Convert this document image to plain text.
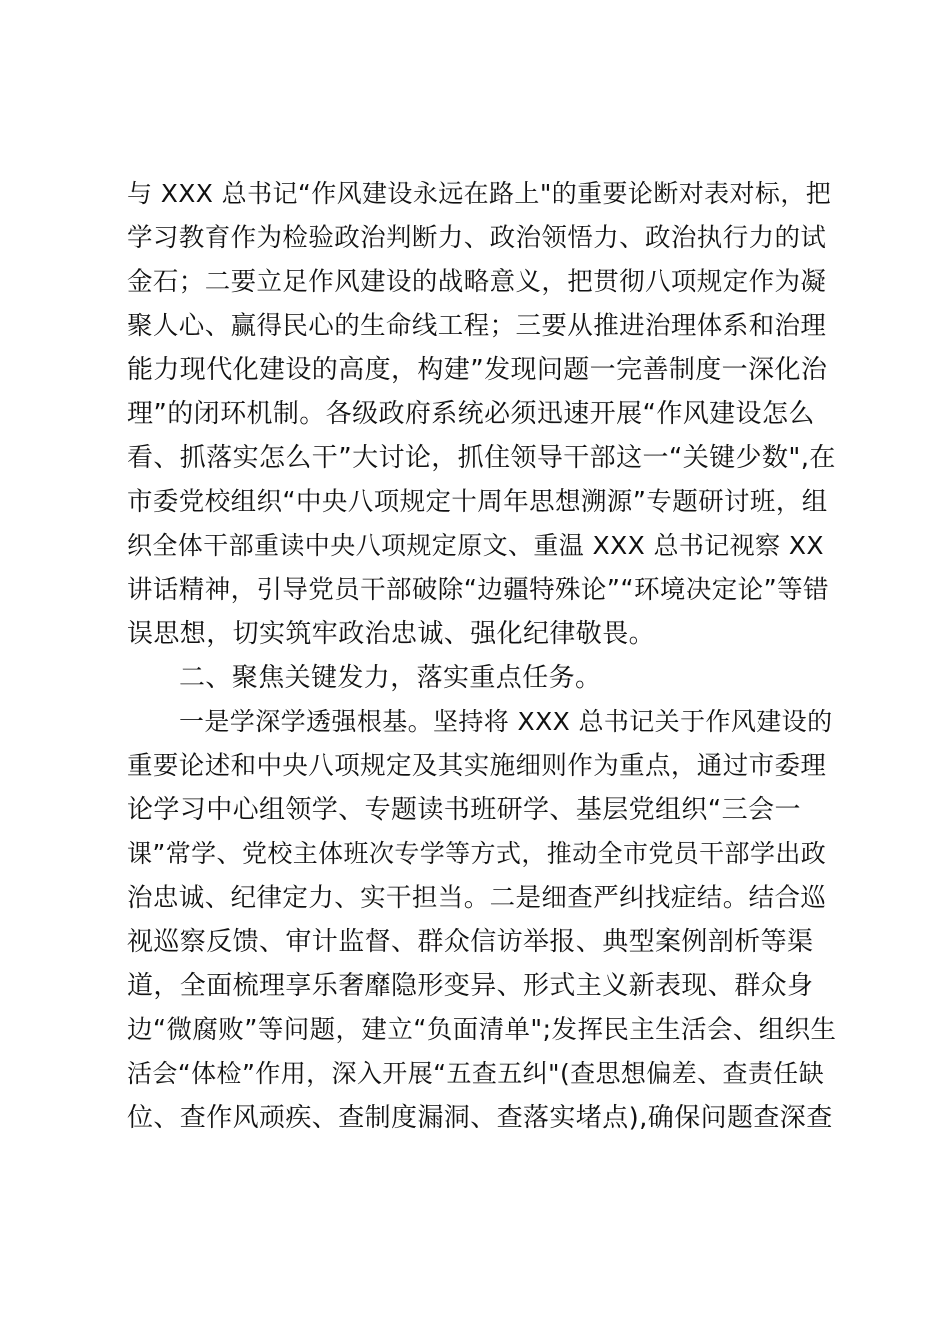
与 XXX 总书记“作风建设永远在路上"的重要论断对表对标，把
学习教育作为检验政治判断力、政治领悟力、政治执行力的试
金石；二要立足作风建设的战略意义，把贯彻八项规定作为凝
聚人心、赢得民心的生命线工程；三要从推进治理体系和治理
能力现代化建设的高度，构建”发现问题一完善制度一深化治
理”的闭环机制。各级政府系统必须迅速开展“作风建设怎么
看、抓落实怎么干”大讨论，抓住领导干部这一“关键少数",在
市委党校组织“中央八项规定十周年思想溯源”专题研讨班，组
织全体干部重读中央八项规定原文、重温 XXX 总书记视察 XX
讲话精神，引导党员干部破除“边疆特殊论”“环境决定论”等错
误思想，切实筑牢政治忠诚、强化纪律敬畏。
二、聚焦关键发力，落实重点任务。
一是学深学透强根基。坚持将 XXX 总书记关于作风建设的
重要论述和中央八项规定及其实施细则作为重点，通过市委理
论学习中心组领学、专题读书班研学、基层党组织“三会一
课”常学、党校主体班次专学等方式，推动全市党员干部学出政
治忠诚、纪律定力、实干担当。二是细查严纠找症结。结合巡
视巡察反馈、审计监督、群众信访举报、典型案例剖析等渠
道，全面梳理享乐奢靡隐形变异、形式主义新表现、群众身
边“微腐败”等问题，建立“负面清单";发挥民主生活会、组织生
活会“体检”作用，深入开展“五查五纠"(查思想偏差、查责任缺
位、查作风顽疾、查制度漏洞、查落实堵点),确保问题查深查
